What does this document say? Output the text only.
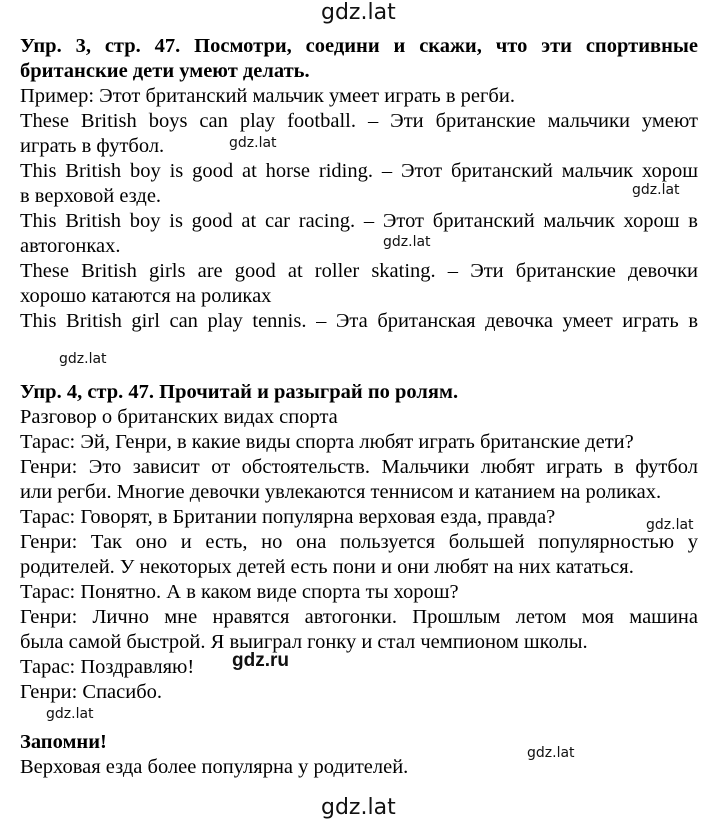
gdz.lat
Упр. 3, стр. 47. Посмотри, соедини и скажи, что эти спортивные
британские дети умеют делать.
Пример: Этот британский мальчик умеет играть в регби.
These British boys can play football. – Эти британские мальчики умеют
играть в футбол.	gdz.lat
This British boy is good at horse riding. – Этот британский мальчик хорош
в верховой езде.	gdz.lat
This British boy is good at car racing. – Этот британский мальчик хорош в
автогонках.	gdz.lat
These British girls are good at roller skating. – Эти британские девочки
хорошо катаются на роликах
This British girl can play tennis. – Эта британская девочка умеет играть в
gdz.lat
Упр. 4, стр. 47. Прочитай и разыграй по ролям.
Разговор о британских видах спорта
Тарас: Эй, Генри, в какие виды спорта любят играть британские дети?
Генри: Это зависит от обстоятельств. Мальчики любят играть в футбол
или регби. Многие девочки увлекаются теннисом и катанием на роликах.
Тарас: Говорят, в Британии популярна верховая езда, правда?	gdz.lat
Генри: Так оно и есть, но она пользуется большей популярностью у
родителей. У некоторых детей есть пони и они любят на них кататься.
Тарас: Понятно. А в каком виде спорта ты хорош?
Генри: Лично мне нравятся автогонки. Прошлым летом моя машина
была самой быстрой. Я выиграл гонку и стал чемпионом школы.
Тарас: Поздравляю! gdz.ru
Генри: Спасибо.
gdz.lat
Запомни!	gdz.lat
Верховая езда более популярна у родителей.
gdz.lat
